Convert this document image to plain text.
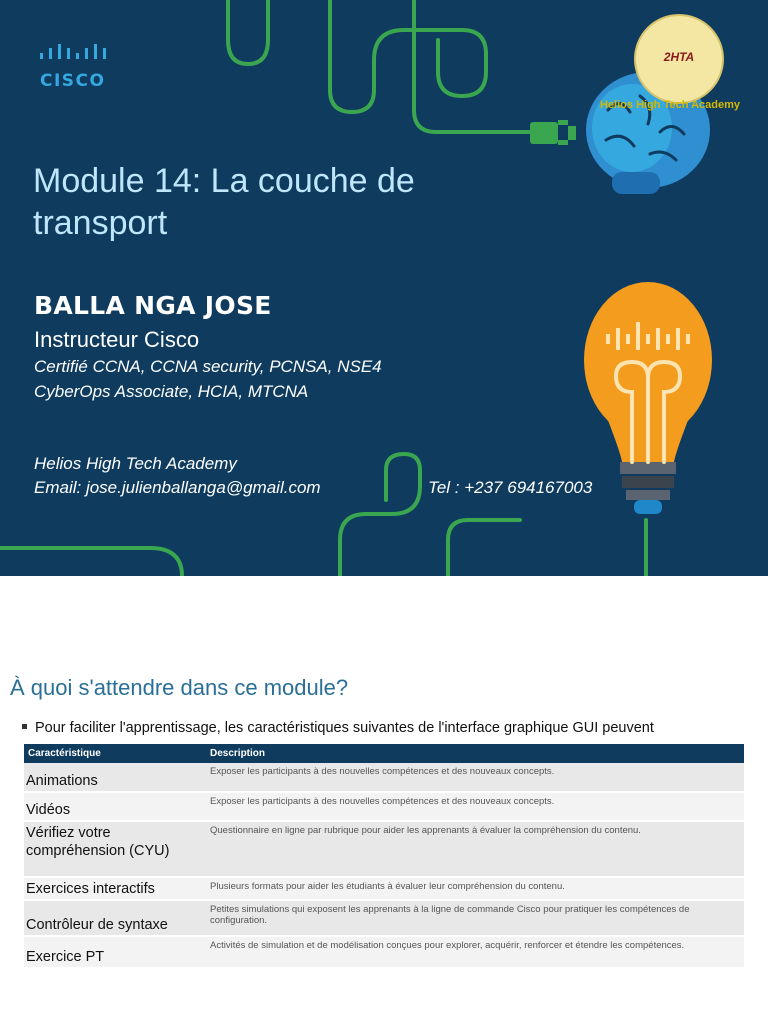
CISCO
2HTA
Helios High Tech Academy
Module 14: La couche de transport
BALLA NGA JOSE
Instructeur Cisco
Certifié CCNA, CCNA security, PCNSA, NSE4
CyberOps Associate, HCIA, MTCNA
Helios High Tech Academy
Email: jose.julienballanga@gmail.com	Tel : +237 694167003
À quoi s'attendre dans ce module?
Pour faciliter l'apprentissage, les caractéristiques suivantes de l'interface graphique GUI peuvent
Caractéristique	Description
Animations	Exposer les participants à des nouvelles compétences et des nouveaux concepts.
Vidéos	Exposer les participants à des nouvelles compétences et des nouveaux concepts.
Vérifiez votre compréhension (CYU)	Questionnaire en ligne par rubrique pour aider les apprenants à évaluer la compréhension du contenu.
Exercices interactifs	Plusieurs formats pour aider les étudiants à évaluer leur compréhension du contenu.
Contrôleur de syntaxe	Petites simulations qui exposent les apprenants à la ligne de commande Cisco pour pratiquer les compétences de configuration.
Exercice PT	Activités de simulation et de modélisation conçues pour explorer, acquérir, renforcer et étendre les compétences.
